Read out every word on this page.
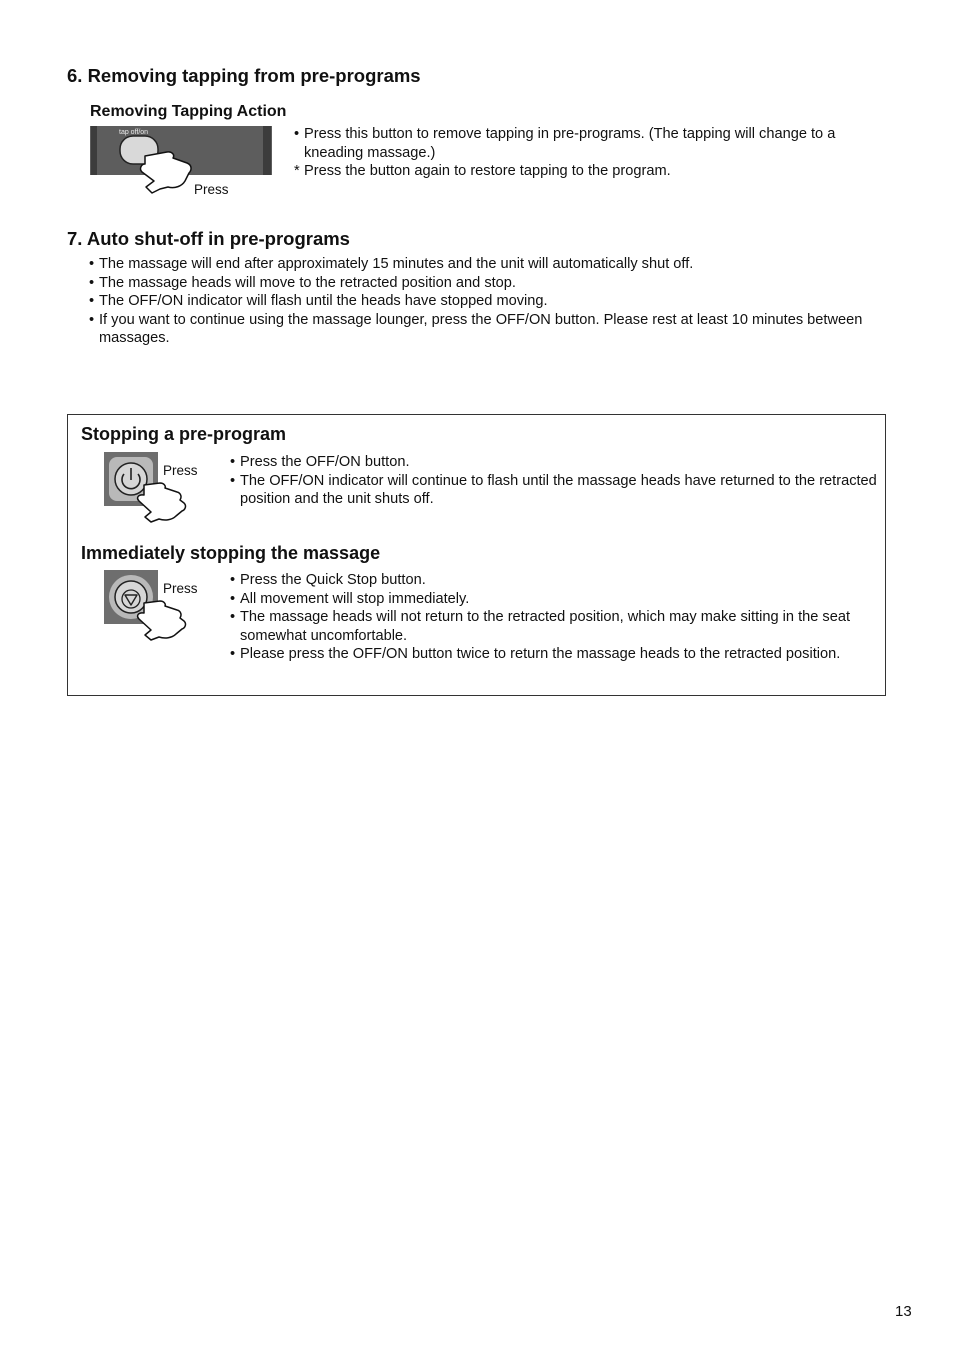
6. Removing tapping from pre-programs
Removing Tapping Action
tap off/on
Press
• Press this button to remove tapping in pre-programs. (The tapping will change to a kneading massage.)
* Press the button again to restore tapping to the program.
7. Auto shut-off in pre-programs
• The massage will end after approximately 15 minutes and the unit will automatically shut off.
• The massage heads will move to the retracted position and stop.
• The OFF/ON indicator will flash until the heads have stopped moving.
• If you want to continue using the massage lounger, press the OFF/ON button. Please rest at least 10 minutes between massages.
Stopping a pre-program
Press
• Press the OFF/ON button.
• The OFF/ON indicator will continue to flash until the massage heads have returned to the retracted position and the unit shuts off.
Immediately stopping the massage
Press
• Press the Quick Stop button.
• All movement will stop immediately.
• The massage heads will not return to the retracted position, which may make sitting in the seat somewhat uncomfortable.
• Please press the OFF/ON button twice to return the massage heads to the retracted position.
13
